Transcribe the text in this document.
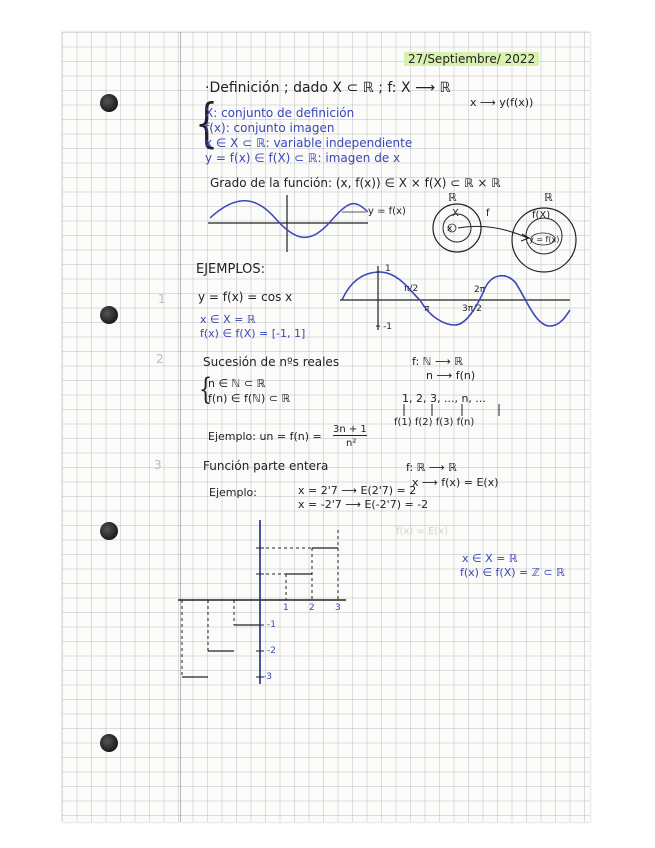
27/Septiembre/ 2022
·Definición ; dado X ⊂ ℝ ; f: X ⟶ ℝ
x ⟶ y(f(x))
{
X: conjunto de definición
f(x): conjunto imagen
x ∈ X ⊂ ℝ: variable independiente
y = f(x) ∈ f(X) ⊂ ℝ: imagen de x
Grado de la función: (x, f(x)) ∈ X × f(X) ⊂ ℝ × ℝ
y = f(x)
ℝ	ℝ
X
x
f	f(X)
y = f(x)
EJEMPLOS:
1	y = f(x) = cos x
x ∈ X = ℝ
f(x) ∈ f(X) = [-1, 1]
1
-1
π/2
π	3π/2
2π
2	Sucesión de nºs reales	f: ℕ ⟶ ℝ
n ⟶ f(n)
{
n ∈ ℕ ⊂ ℝ
f(n) ∈ f(ℕ) ⊂ ℝ	1, 2, 3, ..., n, ...
f(1) f(2) f(3) f(n)
Ejemplo: un = f(n) =
3n + 1
n²
3	Función parte entera	f: ℝ ⟶ ℝ
x ⟶ f(x) = E(x)
Ejemplo:	x = 2'7 ⟶ E(2'7) = 2
x = -2'7 ⟶ E(-2'7) = -2
f(x) = E(x)
x ∈ X = ℝ
f(x) ∈ f(X) = ℤ ⊂ ℝ
1 2 3
-1
-2
-3
